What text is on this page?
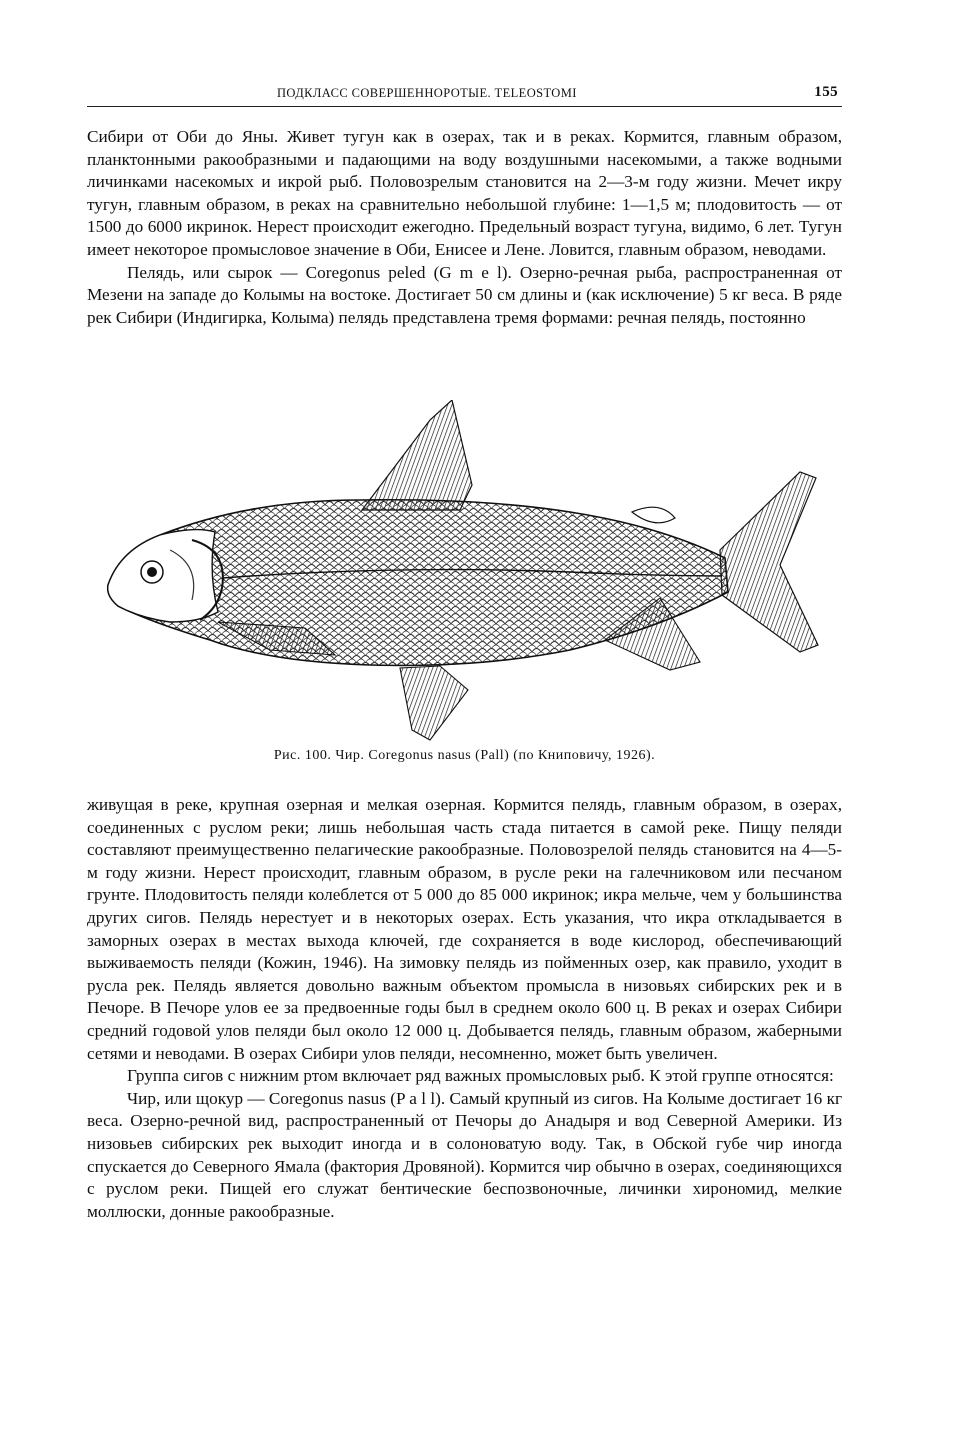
ПОДКЛАСС СОВЕРШЕННОРОТЫЕ. TELEOSTOMI	155

Сибири от Оби до Яны. Живет тугун как в озерах, так и в реках. Кормится, главным образом, планктонными ракообразными и падающими на воду воздушными насекомыми, а также водными личинками насекомых и икрой рыб. Половозрелым становится на 2—3-м году жизни. Мечет икру тугун, главным образом, в реках на сравнительно небольшой глубине: 1—1,5 м; плодовитость — от 1500 до 6000 икринок. Нерест происходит ежегодно. Предельный возраст тугуна, видимо, 6 лет. Тугун имеет некоторое промысловое значение в Оби, Енисее и Лене. Ловится, главным образом, неводами.

Пелядь, или сырок — Coregonus peled (G m e l). Озерно-речная рыба, распространенная от Мезени на западе до Колымы на востоке. Достигает 50 см длины и (как исключение) 5 кг веса. В ряде рек Сибири (Индигирка, Колыма) пелядь представлена тремя формами: речная пелядь, постоянно

Рис. 100. Чир. Coregonus nasus (Pall) (по Книповичу, 1926).

живущая в реке, крупная озерная и мелкая озерная. Кормится пелядь, главным образом, в озерах, соединенных с руслом реки; лишь небольшая часть стада питается в самой реке. Пищу пеляди составляют преимущественно пелагические ракообразные. Половозрелой пелядь становится на 4—5-м году жизни. Нерест происходит, главным образом, в русле реки на галечниковом или песчаном грунте. Плодовитость пеляди колеблется от 5 000 до 85 000 икринок; икра мельче, чем у большинства других сигов. Пелядь нерестует и в некоторых озерах. Есть указания, что икра откладывается в заморных озерах в местах выхода ключей, где сохраняется в воде кислород, обеспечивающий выживаемость пеляди (Кожин, 1946). На зимовку пелядь из пойменных озер, как правило, уходит в русла рек. Пелядь является довольно важным объектом промысла в низовьях сибирских рек и в Печоре. В Печоре улов ее за предвоенные годы был в среднем около 600 ц. В реках и озерах Сибири средний годовой улов пеляди был около 12 000 ц. Добывается пелядь, главным образом, жаберными сетями и неводами. В озерах Сибири улов пеляди, несомненно, может быть увеличен.

Группа сигов с нижним ртом включает ряд важных промысловых рыб. К этой группе относятся:

Чир, или щокур — Coregonus nasus (P a l l). Самый крупный из сигов. На Колыме достигает 16 кг веса. Озерно-речной вид, распространенный от Печоры до Анадыря и вод Северной Америки. Из низовьев сибирских рек выходит иногда и в солоноватую воду. Так, в Обской губе чир иногда спускается до Северного Ямала (фактория Дровяной). Кормится чир обычно в озерах, соединяющихся с руслом реки. Пищей его служат бентические беспозвоночные, личинки хирономид, мелкие моллюски, донные ракообразные.
